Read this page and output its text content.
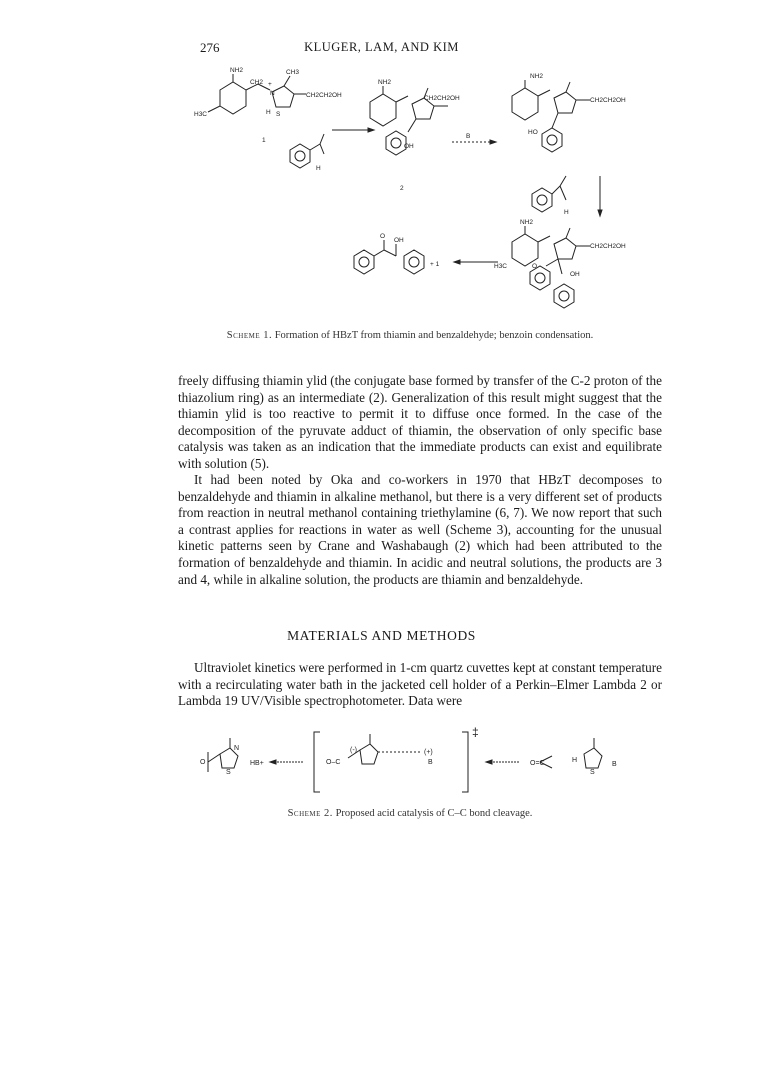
276	KLUGER, LAM, AND KIM
NH2	CH3
CH2 +
N	CH2CH2OH
S
H
H3C
1
H
NH2
CH2CH2OH
OH
B
2
NH2
CH2CH2OH
HO
H
NH2
CH2CH2OH
O
OH
H3C
O
OH
+ 1
Scheme 1. Formation of HBzT from thiamin and benzaldehyde; benzoin condensation.

freely diffusing thiamin ylid (the conjugate base formed by transfer of the C-2 proton of the thiazolium ring) as an intermediate (2). Generalization of this result might suggest that the thiamin ylid is too reactive to permit it to diffuse once formed. In the case of the decomposition of the pyruvate adduct of thiamin, the observation of only specific base catalysis was taken as an indication that the immediate products can exist and equilibrate with solution (5).

It had been noted by Oka and co-workers in 1970 that HBzT decomposes to benzaldehyde and thiamin in alkaline methanol, but there is a very different set of products from reaction in neutral methanol containing triethylamine (6, 7). We now report that such a contrast applies for reactions in water as well (Scheme 3), accounting for the unusual kinetic patterns seen by Crane and Washabaugh (2) which had been attributed to the formation of benzaldehyde and thiamin. In acidic and neutral solutions, the products are 3 and 4, while in alkaline solution, the products are thiamin and benzaldehyde.

MATERIALS AND METHODS

Ultraviolet kinetics were performed in 1-cm quartz cuvettes kept at constant temperature with a recirculating water bath in the jacketed cell holder of a Perkin–Elmer Lambda 2 or Lambda 19 UV/Visible spectrophotometer. Data were

O
S
N
HB+	O–C
(-)	(+)
B
‡
O=C	H
S
B
Scheme 2. Proposed acid catalysis of C–C bond cleavage.
